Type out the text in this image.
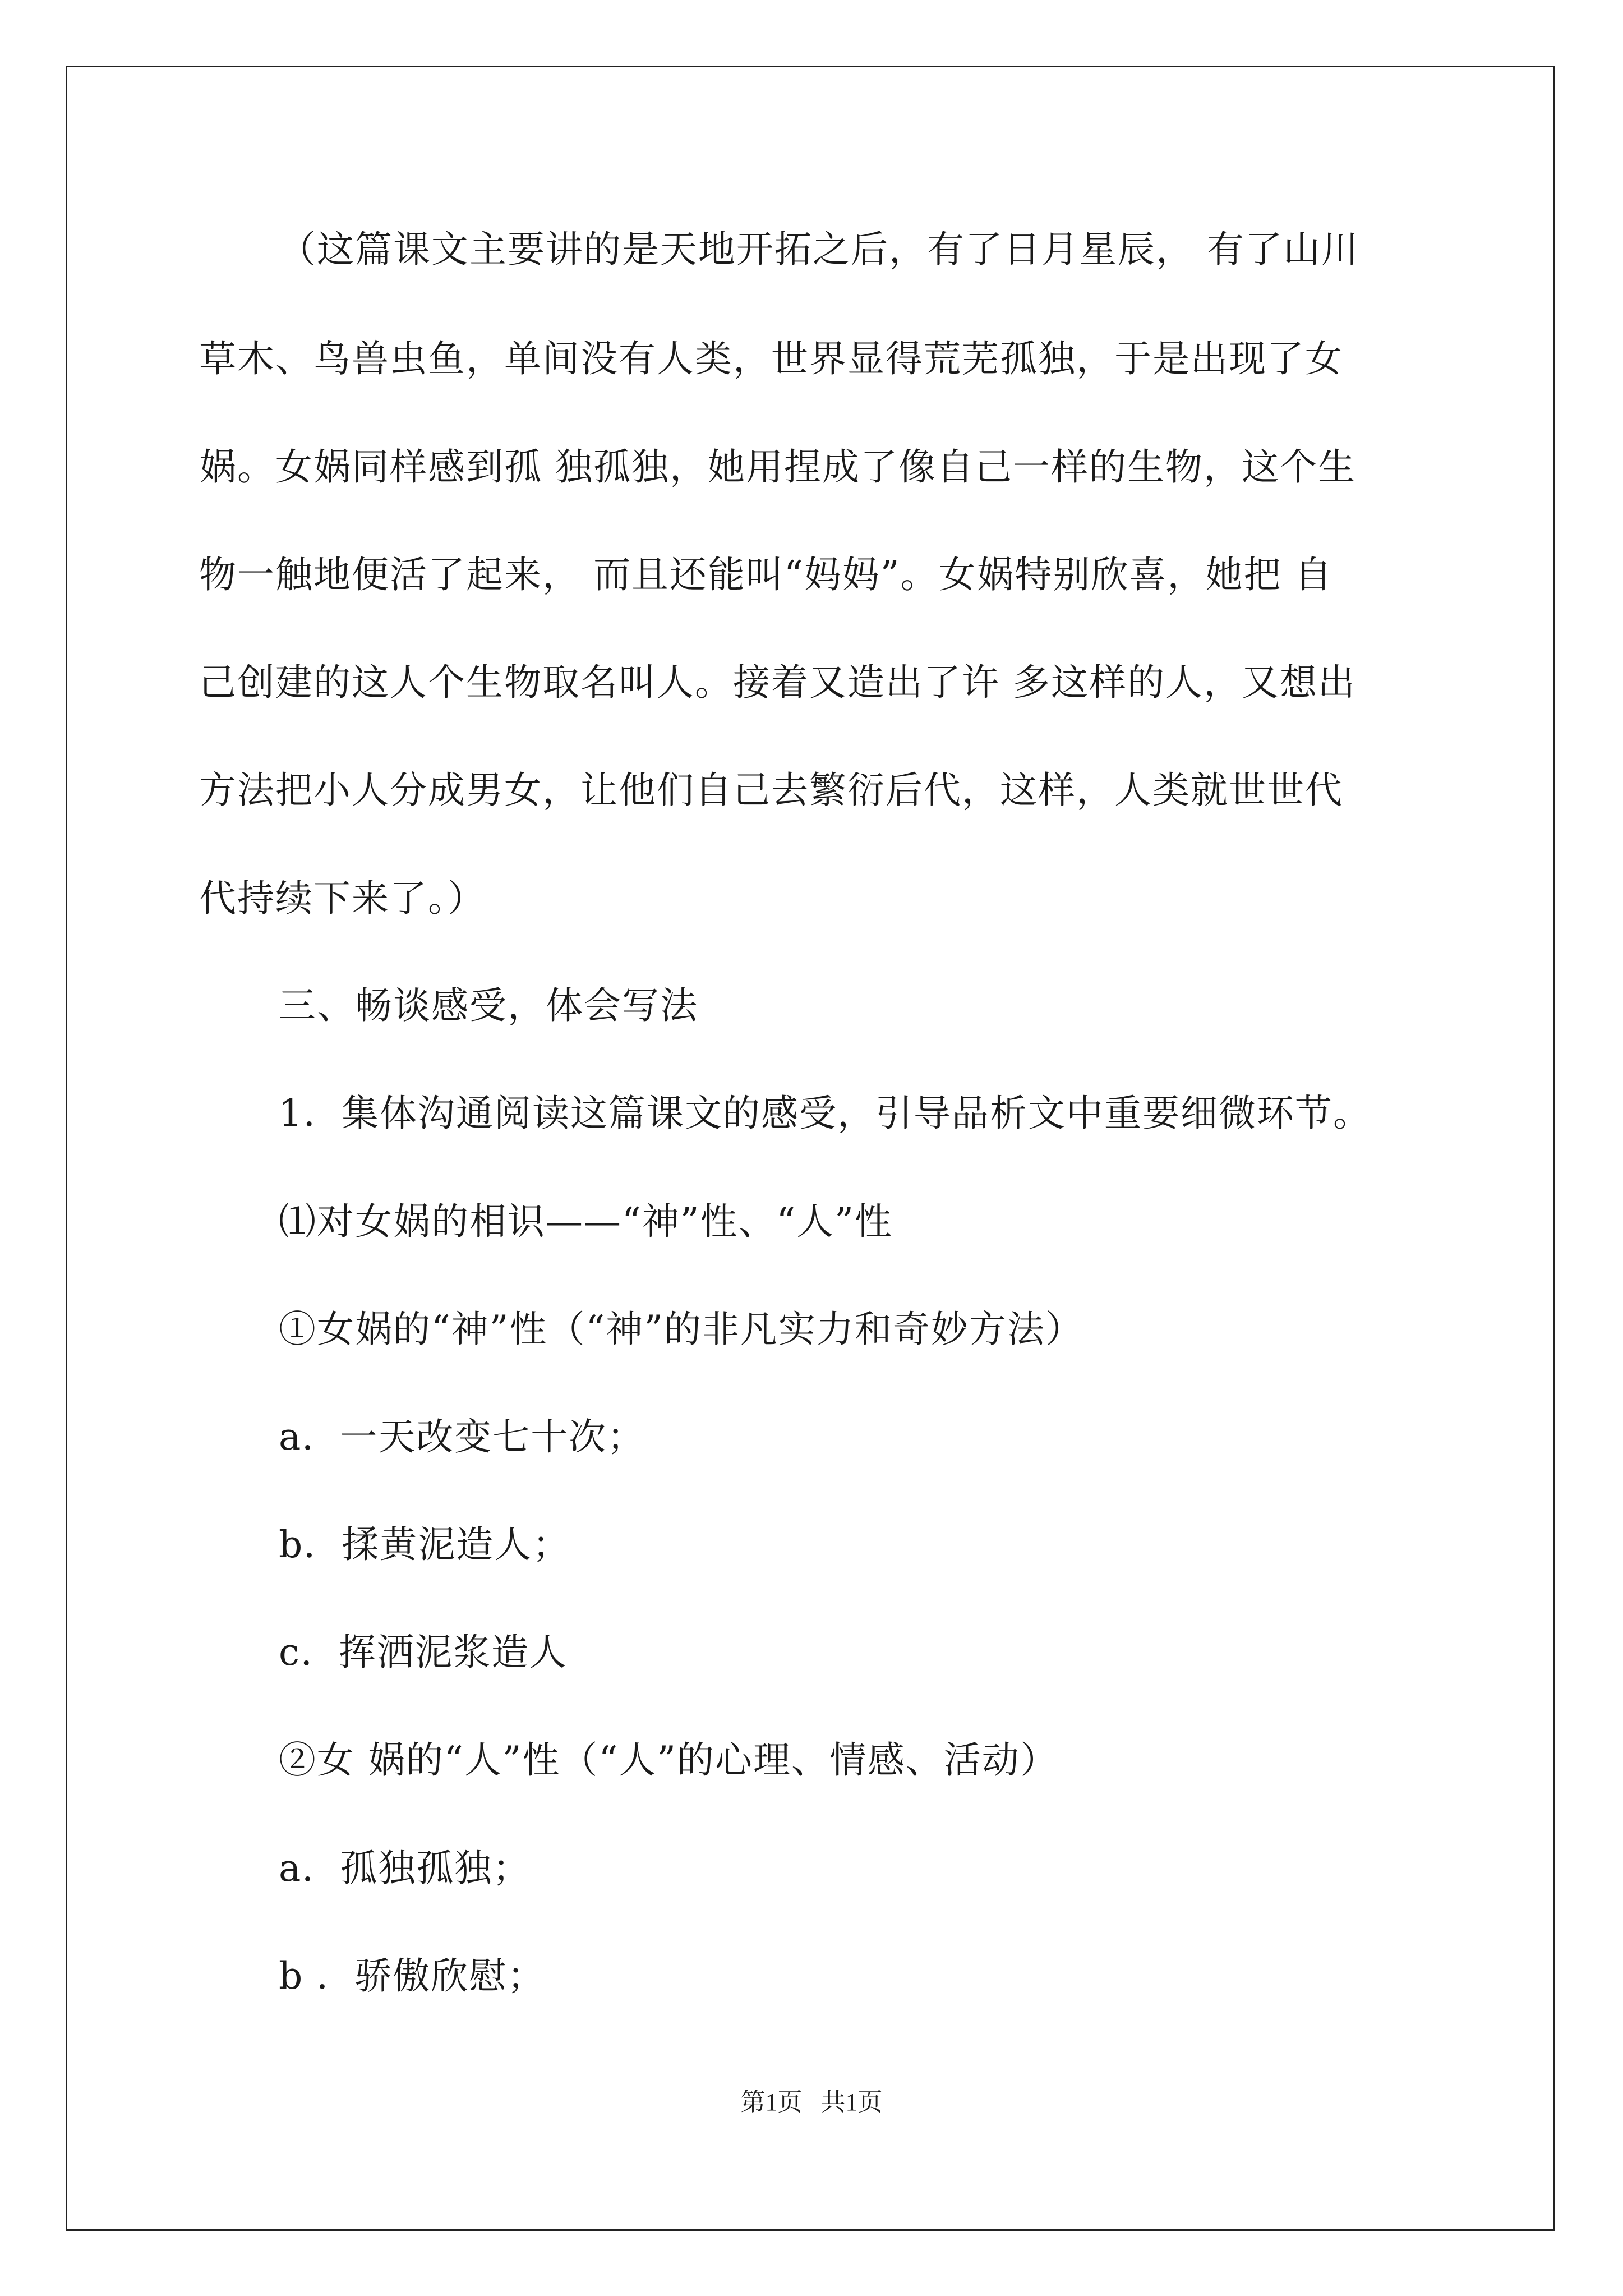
（这篇课文主要讲的是天地开拓之后，有了日月星辰， 有了山川
草木、鸟兽虫鱼，单间没有人类，世界显得荒芜孤独，于是出现了女
娲。女娲同样感到孤 独孤独，她用捏成了像自己一样的生物，这个生
物一触地便活了起来， 而且还能叫“妈妈”。女娲特别欣喜，她把 自
己创建的这人个生物取名叫人。接着又造出了许 多这样的人，又想出
方法把小人分成男女，让他们自己去繁衍后代，这样，人类就世世代
代持续下来了。）
三、畅谈感受，体会写法
1．集体沟通阅读这篇课文的感受，引导品析文中重要细微环节。
⑴对女娲的相识——“神”性、“人”性
①女娲的“神”性（“神”的非凡实力和奇妙方法）
a．一天改变七十次；
b．揉黄泥造人；
c．挥洒泥浆造人
②女 娲的“人”性（“人”的心理、情感、活动）
a．孤独孤独；
b ．骄傲欣慰；
第1页   共1页
